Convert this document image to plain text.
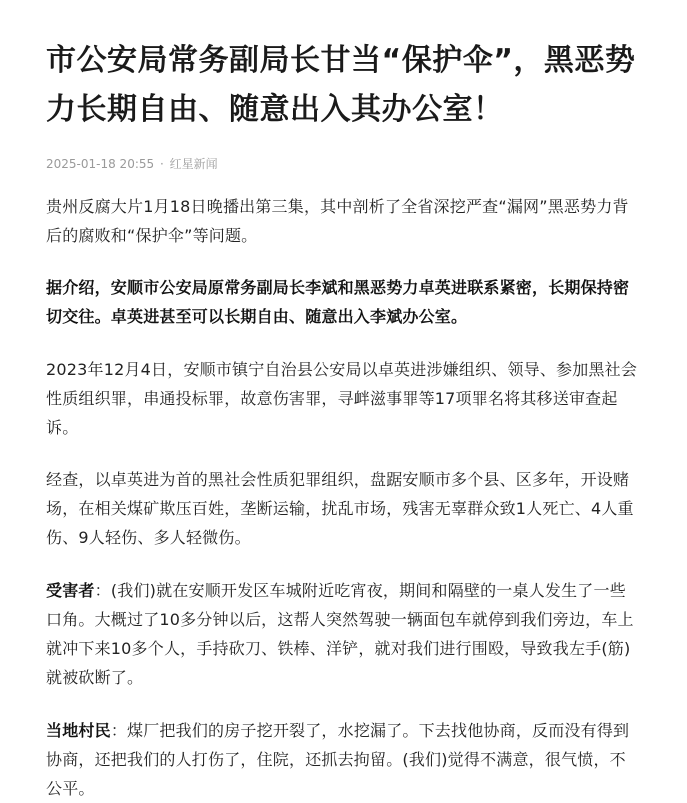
市公安局常务副局长甘当“保护伞”，黑恶势力长期自由、随意出入其办公室！
2025-01-18 20:55 · 红星新闻

贵州反腐大片1月18日晚播出第三集，其中剖析了全省深挖严查“漏网”黑恶势力背后的腐败和“保护伞”等问题。

据介绍，安顺市公安局原常务副局长李斌和黑恶势力卓英进联系紧密，长期保持密切交往。卓英进甚至可以长期自由、随意出入李斌办公室。

2023年12月4日，安顺市镇宁自治县公安局以卓英进涉嫌组织、领导、参加黑社会性质组织罪，串通投标罪，故意伤害罪，寻衅滋事罪等17项罪名将其移送审查起诉。

经查，以卓英进为首的黑社会性质犯罪组织，盘踞安顺市多个县、区多年，开设赌场，在相关煤矿欺压百姓，垄断运输，扰乱市场，残害无辜群众致1人死亡、4人重伤、9人轻伤、多人轻微伤。

受害者：(我们)就在安顺开发区车城附近吃宵夜，期间和隔壁的一桌人发生了一些口角。大概过了10多分钟以后，这帮人突然驾驶一辆面包车就停到我们旁边，车上就冲下来10多个人，手持砍刀、铁棒、洋铲，就对我们进行围殴，导致我左手(筋)就被砍断了。

当地村民：煤厂把我们的房子挖开裂了，水挖漏了。下去找他协商，反而没有得到协商，还把我们的人打伤了，住院，还抓去拘留。(我们)觉得不满意，很气愤，不公平。
